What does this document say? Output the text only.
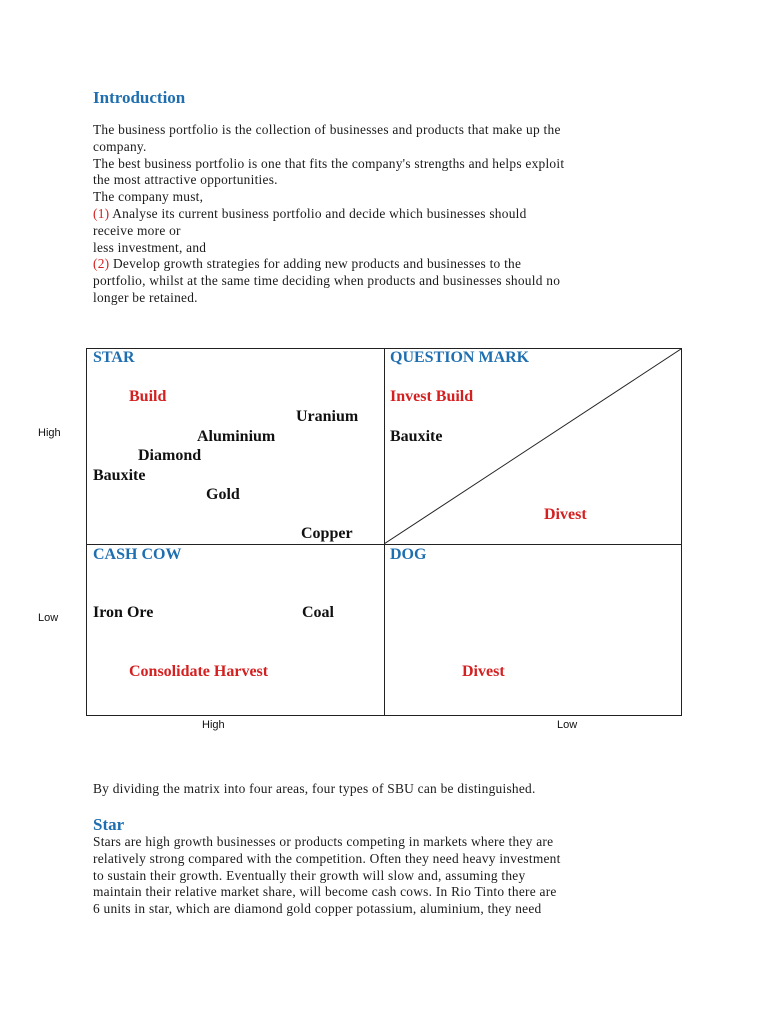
Introduction
The business portfolio is the collection of businesses and products that make up the
company.
The best business portfolio is one that fits the company's strengths and helps exploit
the most attractive opportunities.
The company must,
(1) Analyse its current business portfolio and decide which businesses should
receive more or
less investment, and
(2) Develop growth strategies for adding new products and businesses to the
portfolio, whilst at the same time deciding when products and businesses should no
longer be retained.
STAR
Build
Uranium
Aluminium
Diamond
Bauxite
Gold
Copper
QUESTION MARK
Invest Build
Bauxite
Divest
CASH COW
Iron Ore	Coal
Consolidate Harvest
DOG
Divest
High
Low
High	Low
By dividing the matrix into four areas, four types of SBU can be distinguished.
Star
Stars are high growth businesses or products competing in markets where they are
relatively strong compared with the competition. Often they need heavy investment
to sustain their growth. Eventually their growth will slow and, assuming they
maintain their relative market share, will become cash cows. In Rio Tinto there are
6 units in star, which are diamond gold copper potassium, aluminium, they need
